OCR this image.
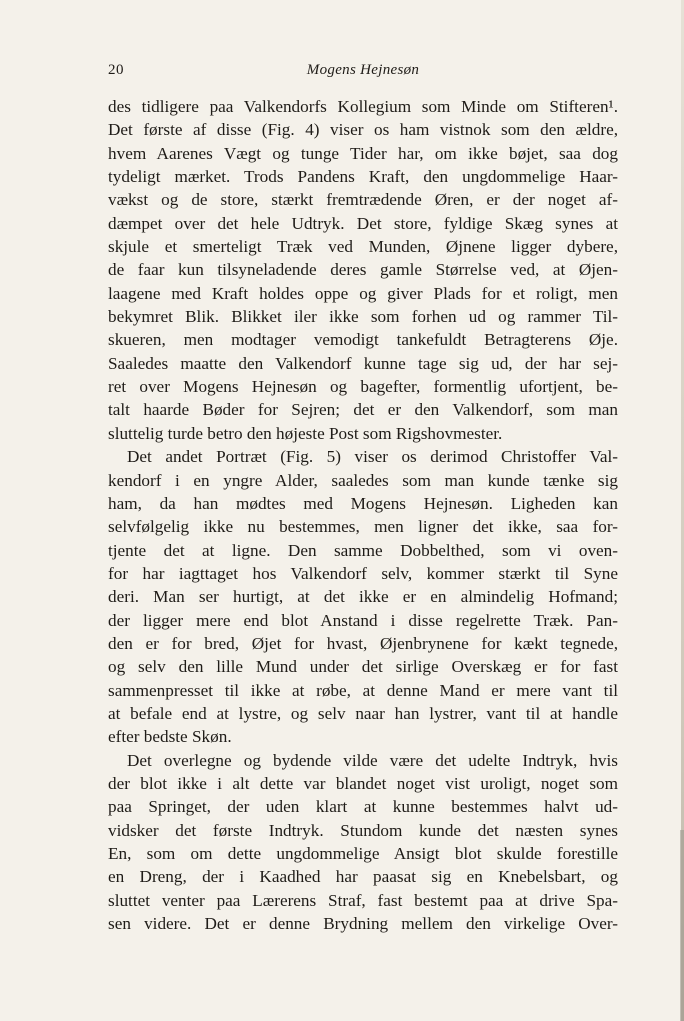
20	Mogens Hejnesøn
des tidligere paa Valkendorfs Kollegium som Minde om Stifteren¹.
Det første af disse (Fig. 4) viser os ham vistnok som den ældre,
hvem Aarenes Vægt og tunge Tider har, om ikke bøjet, saa dog
tydeligt mærket. Trods Pandens Kraft, den ungdommelige Haar-
vækst og de store, stærkt fremtrædende Øren, er der noget af-
dæmpet over det hele Udtryk. Det store, fyldige Skæg synes at
skjule et smerteligt Træk ved Munden, Øjnene ligger dybere,
de faar kun tilsyneladende deres gamle Størrelse ved, at Øjen-
laagene med Kraft holdes oppe og giver Plads for et roligt, men
bekymret Blik. Blikket iler ikke som forhen ud og rammer Til-
skueren, men modtager vemodigt tankefuldt Betragterens Øje.
Saaledes maatte den Valkendorf kunne tage sig ud, der har sej-
ret over Mogens Hejnesøn og bagefter, formentlig ufortjent, be-
talt haarde Bøder for Sejren; det er den Valkendorf, som man
sluttelig turde betro den højeste Post som Rigshovmester.
Det andet Portræt (Fig. 5) viser os derimod Christoffer Val-
kendorf i en yngre Alder, saaledes som man kunde tænke sig
ham, da han mødtes med Mogens Hejnesøn. Ligheden kan
selvfølgelig ikke nu bestemmes, men ligner det ikke, saa for-
tjente det at ligne. Den samme Dobbelthed, som vi oven-
for har iagttaget hos Valkendorf selv, kommer stærkt til Syne
deri. Man ser hurtigt, at det ikke er en almindelig Hofmand;
der ligger mere end blot Anstand i disse regelrette Træk. Pan-
den er for bred, Øjet for hvast, Øjenbrynene for kækt tegnede,
og selv den lille Mund under det sirlige Overskæg er for fast
sammenpresset til ikke at røbe, at denne Mand er mere vant til
at befale end at lystre, og selv naar han lystrer, vant til at handle
efter bedste Skøn.
Det overlegne og bydende vilde være det udelte Indtryk, hvis
der blot ikke i alt dette var blandet noget vist uroligt, noget som
paa Springet, der uden klart at kunne bestemmes halvt ud-
vidsker det første Indtryk. Stundom kunde det næsten synes
En, som om dette ungdommelige Ansigt blot skulde forestille
en Dreng, der i Kaadhed har paasat sig en Knebelsbart, og
sluttet venter paa Lærerens Straf, fast bestemt paa at drive Spa-
sen videre. Det er denne Brydning mellem den virkelige Over-
